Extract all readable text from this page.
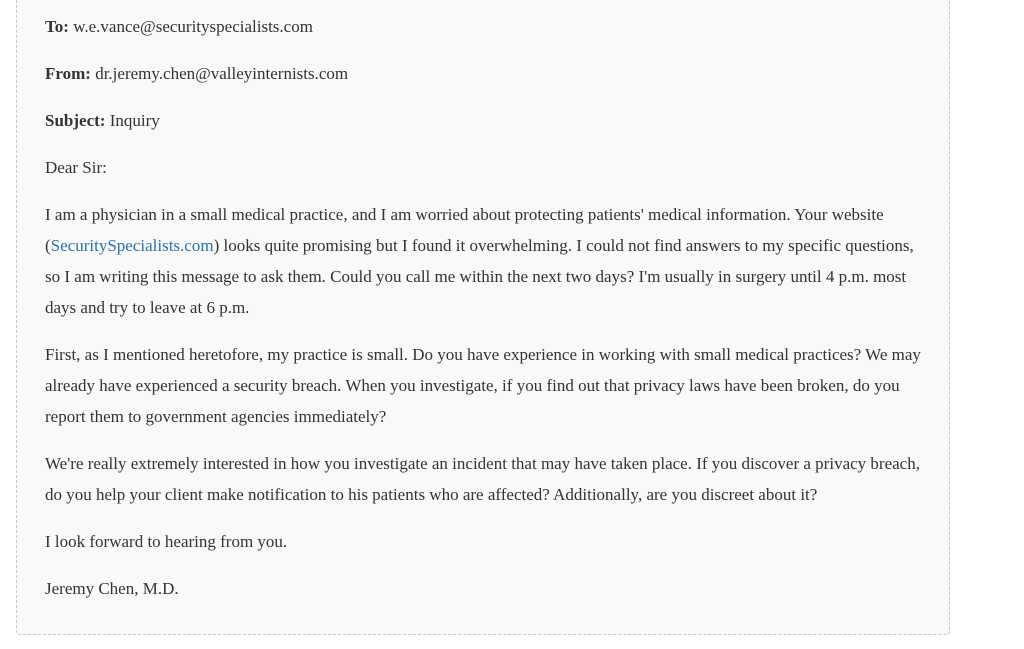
To: w.e.vance@securityspecialists.com
From: dr.jeremy.chen@valleyinternists.com
Subject: Inquiry
Dear Sir:
I am a physician in a small medical practice, and I am worried about protecting patients' medical information. Your website (SecuritySpecialists.com) looks quite promising but I found it overwhelming. I could not find answers to my specific questions, so I am writing this message to ask them. Could you call me within the next two days? I'm usually in surgery until 4 p.m. most days and try to leave at 6 p.m.
First, as I mentioned heretofore, my practice is small. Do you have experience in working with small medical practices? We may already have experienced a security breach. When you investigate, if you find out that privacy laws have been broken, do you report them to government agencies immediately?
We're really extremely interested in how you investigate an incident that may have taken place. If you discover a privacy breach, do you help your client make notification to his patients who are affected? Additionally, are you discreet about it?
I look forward to hearing from you.
Jeremy Chen, M.D.
